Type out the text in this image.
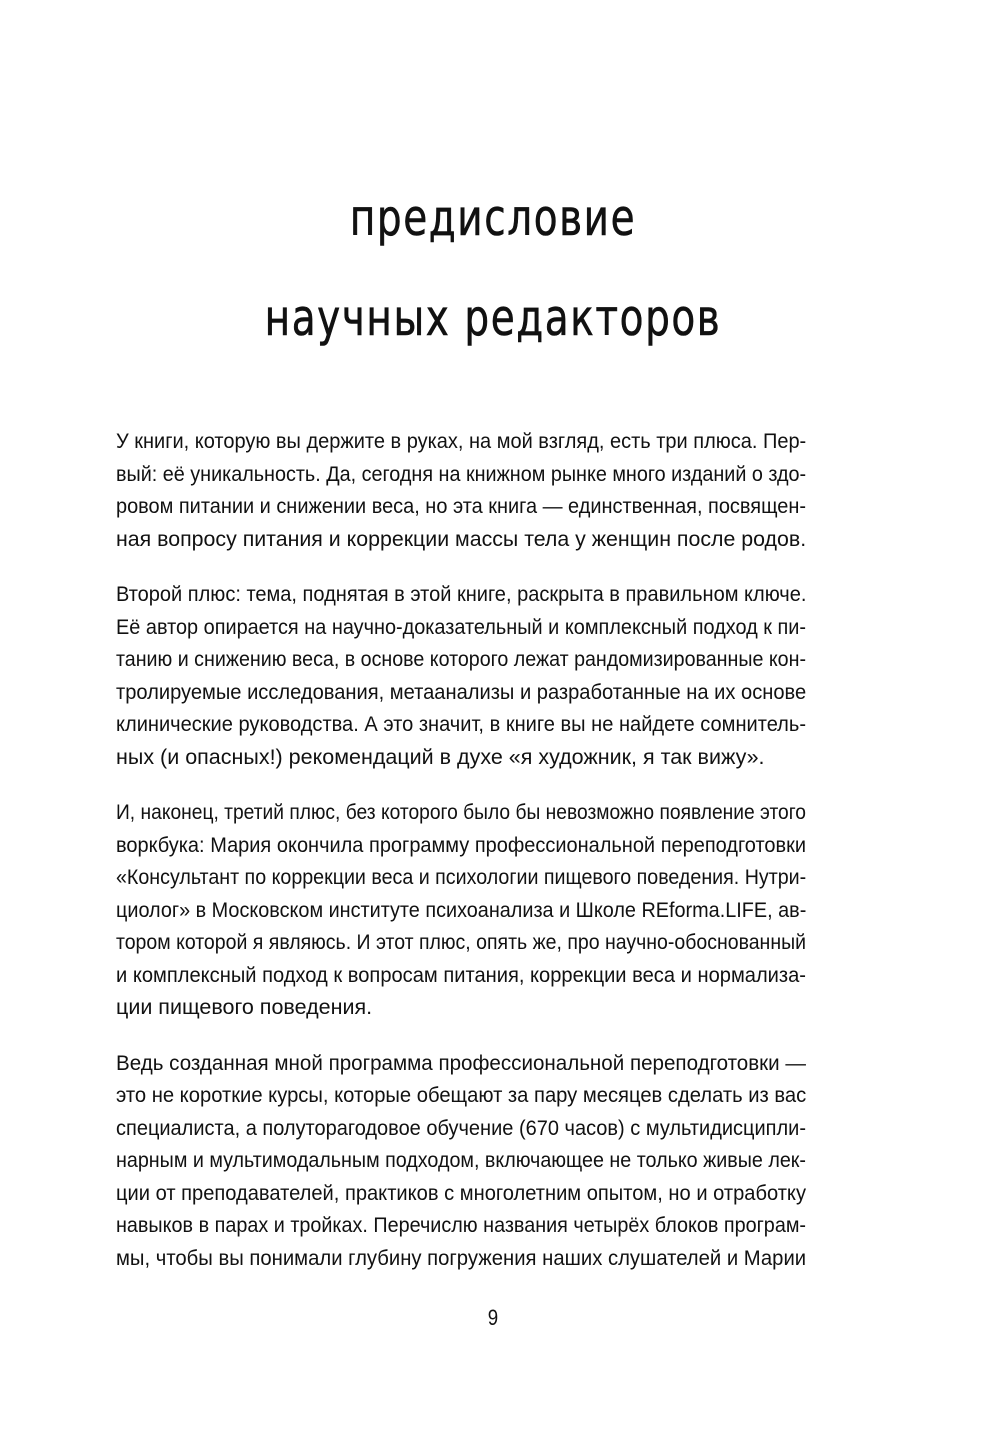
предисловие
научных редакторов

У книги, которую вы держите в руках, на мой взгляд, есть три плюса. Пер-
вый: её уникальность. Да, сегодня на книжном рынке много изданий о здо-
ровом питании и снижении веса, но эта книга — единственная, посвящен-
ная вопросу питания и коррекции массы тела у женщин после родов.

Второй плюс: тема, поднятая в этой книге, раскрыта в правильном ключе.
Её автор опирается на научно-доказательный и комплексный подход к пи-
танию и снижению веса, в основе которого лежат рандомизированные кон-
тролируемые исследования, метаанализы и разработанные на их основе
клинические руководства. А это значит, в книге вы не найдете сомнитель-
ных (и опасных!) рекомендаций в духе «я художник, я так вижу».

И, наконец, третий плюс, без которого было бы невозможно появление этого
воркбука: Мария окончила программу профессиональной переподготовки
«Консультант по коррекции веса и психологии пищевого поведения. Нутри-
циолог» в Московском институте психоанализа и Школе REforma.LIFE, ав-
тором которой я являюсь. И этот плюс, опять же, про научно-обоснованный
и комплексный подход к вопросам питания, коррекции веса и нормализа-
ции пищевого поведения.

Ведь созданная мной программа профессиональной переподготовки —
это не короткие курсы, которые обещают за пару месяцев сделать из вас
специалиста, а полуторагодовое обучение (670 часов) с мультидисципли-
нарным и мультимодальным подходом, включающее не только живые лек-
ции от преподавателей, практиков с многолетним опытом, но и отработку
навыков в парах и тройках. Перечислю названия четырёх блоков програм-
мы, чтобы вы понимали глубину погружения наших слушателей и Марии

9
